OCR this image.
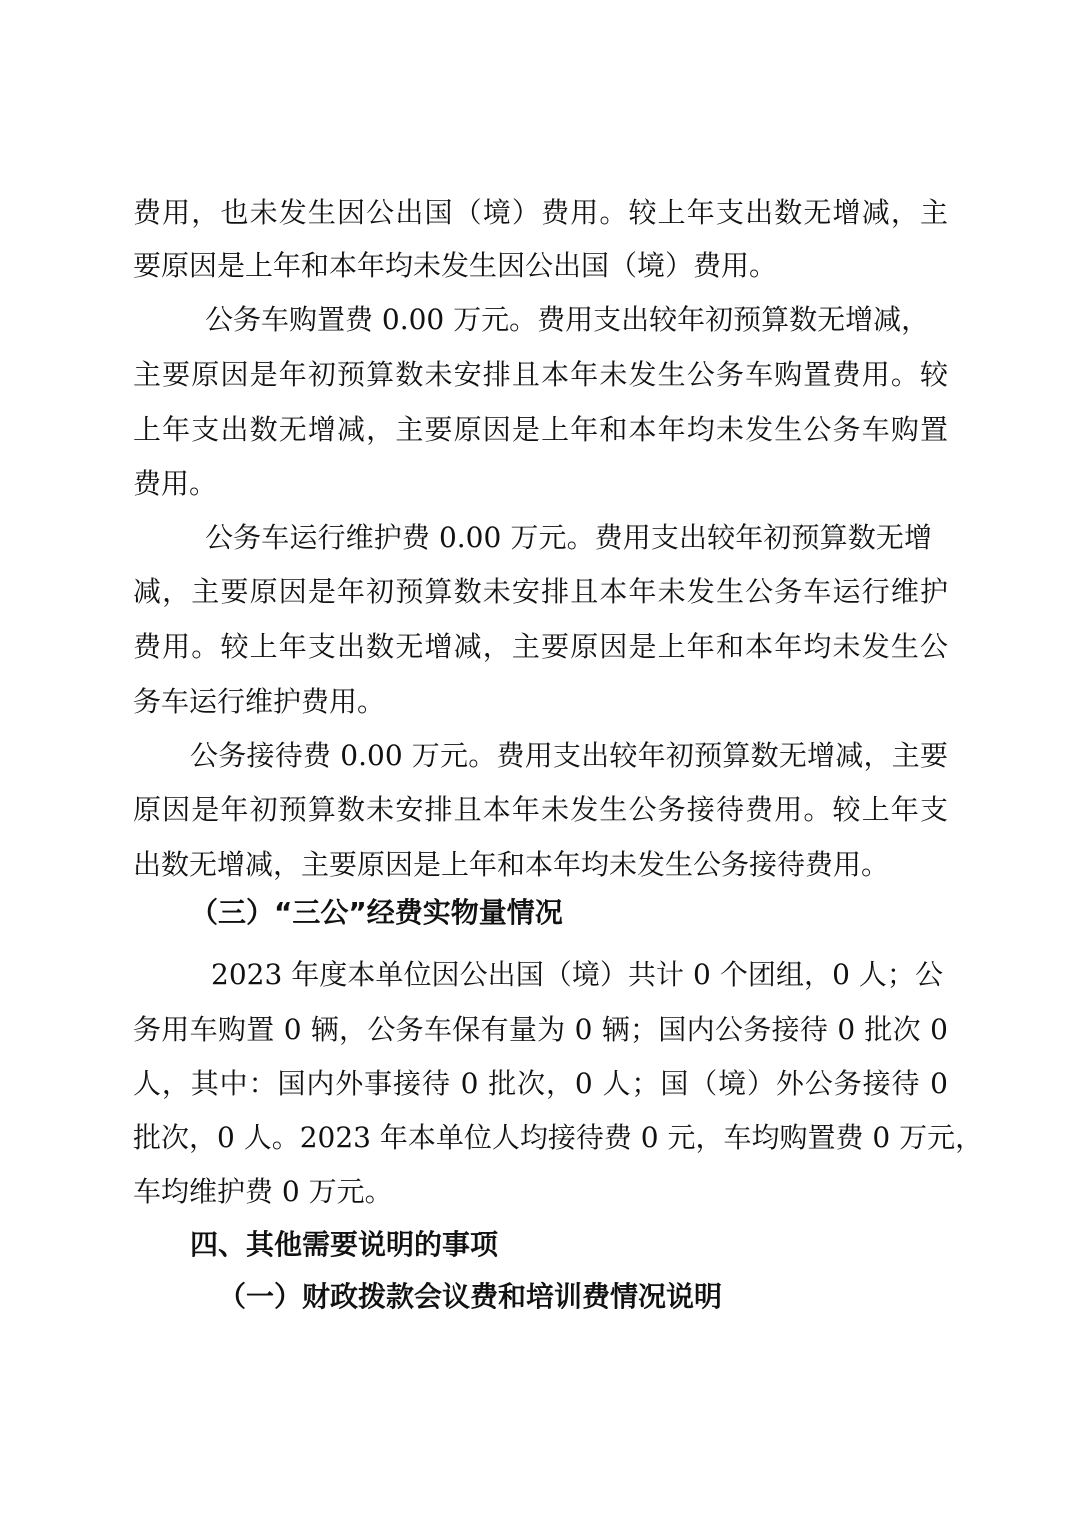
费用，也未发生因公出国（境）费用。较上年支出数无增减，主
要原因是上年和本年均未发生因公出国（境）费用。
公务车购置费 0.00 万元。费用支出较年初预算数无增减，
主要原因是年初预算数未安排且本年未发生公务车购置费用。较
上年支出数无增减，主要原因是上年和本年均未发生公务车购置
费用。
公务车运行维护费 0.00 万元。费用支出较年初预算数无增
减，主要原因是年初预算数未安排且本年未发生公务车运行维护
费用。较上年支出数无增减，主要原因是上年和本年均未发生公
务车运行维护费用。
公务接待费 0.00 万元。费用支出较年初预算数无增减，主要
原因是年初预算数未安排且本年未发生公务接待费用。较上年支
出数无增减，主要原因是上年和本年均未发生公务接待费用。
（三）“三公”经费实物量情况
2023 年度本单位因公出国（境）共计 0 个团组，0 人；公
务用车购置 0 辆，公务车保有量为 0 辆；国内公务接待 0 批次 0
人，其中：国内外事接待 0 批次，0 人；国（境）外公务接待 0
批次，0 人。2023 年本单位人均接待费 0 元，车均购置费 0 万元，
车均维护费 0 万元。
四、其他需要说明的事项
（一）财政拨款会议费和培训费情况说明
